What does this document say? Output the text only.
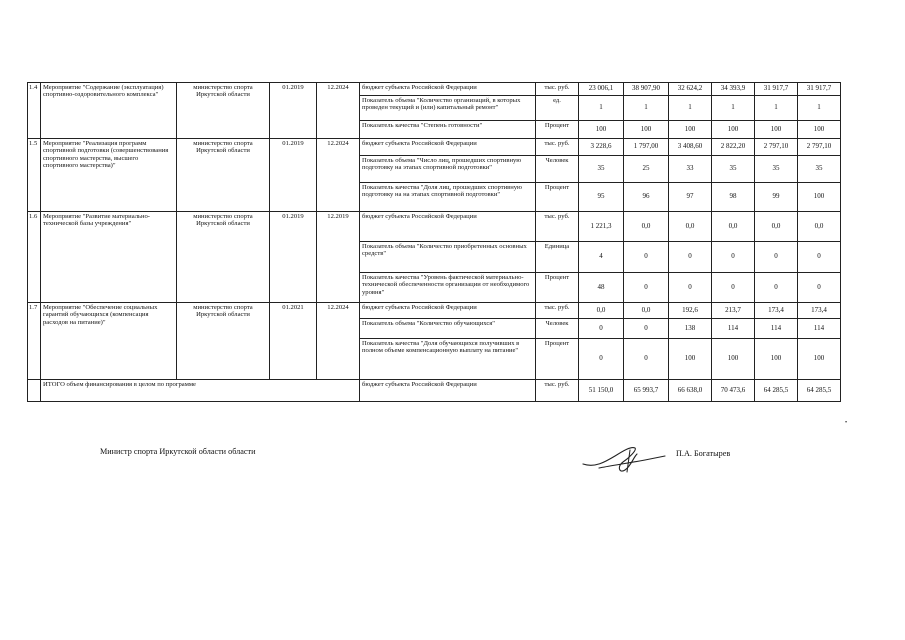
1.4	Мероприятие "Содержание (эксплуатация) спортивно-оздоровительного комплекса"	министерство спорта Иркутской области	01.2019	12.2024	бюджет субъекта Российской Федерации	тыс. руб.	23 006,1	38 907,90	32 624,2	34 393,9	31 917,7	31 917,7
					Показатель объема "Количество организаций, в которых проведен текущий и (или) капитальный ремонт"	ед.	1	1	1	1	1	1
					Показатель качества "Степень готовности"	Процент	100	100	100	100	100	100
1.5	Мероприятие "Реализация программ спортивной подготовки (совершенствования спортивного мастерства, высшего спортивного мастерства)"	министерство спорта Иркутской области	01.2019	12.2024	бюджет субъекта Российской Федерации	тыс. руб.	3 228,6	1 797,00	3 408,60	2 822,20	2 797,10	2 797,10
					Показатель объема "Число лиц, прошедших спортивную подготовку на этапах спортивной подготовки"	Человек	35	25	33	35	35	35
					Показатель качества "Доля лиц, прошедших спортивную подготовку на на этапах спортивной подготовки"	Процент	95	96	97	98	99	100
1.6	Мероприятие "Развитие материально-технической базы учреждения"	министерство спорта Иркутской области	01.2019	12.2019	бюджет субъекта Российской Федерации	тыс. руб.	1 221,3	0,0	0,0	0,0	0,0	0,0
					Показатель объема "Количество приобретенных основных средств"	Единица	4	0	0	0	0	0
					Показатель качества "Уровень фактической материально-технической обеспеченности организации от необходимого уровня"	Процент	48	0	0	0	0	0
1.7	Мероприятие "Обеспечение социальных гарантий обучающихся (компенсация расходов на питание)"	министерство спорта Иркутской области	01.2021	12.2024	бюджет субъекта Российской Федерации	тыс. руб.	0,0	0,0	192,6	213,7	173,4	173,4
					Показатель объема "Количество обучающихся"	Человек	0	0	138	114	114	114
					Показатель качества "Доля обучающихся получивших в полном объеме компенсационную выплату на питание"	Процент	0	0	100	100	100	100
	ИТОГО объем финансирования в целом по программе				бюджет субъекта Российской Федерации	тыс. руб.	51 150,0	65 993,7	66 638,0	70 473,6	64 285,5	64 285,5
•
Министр спорта Иркутской области области	П.А. Богатырев
